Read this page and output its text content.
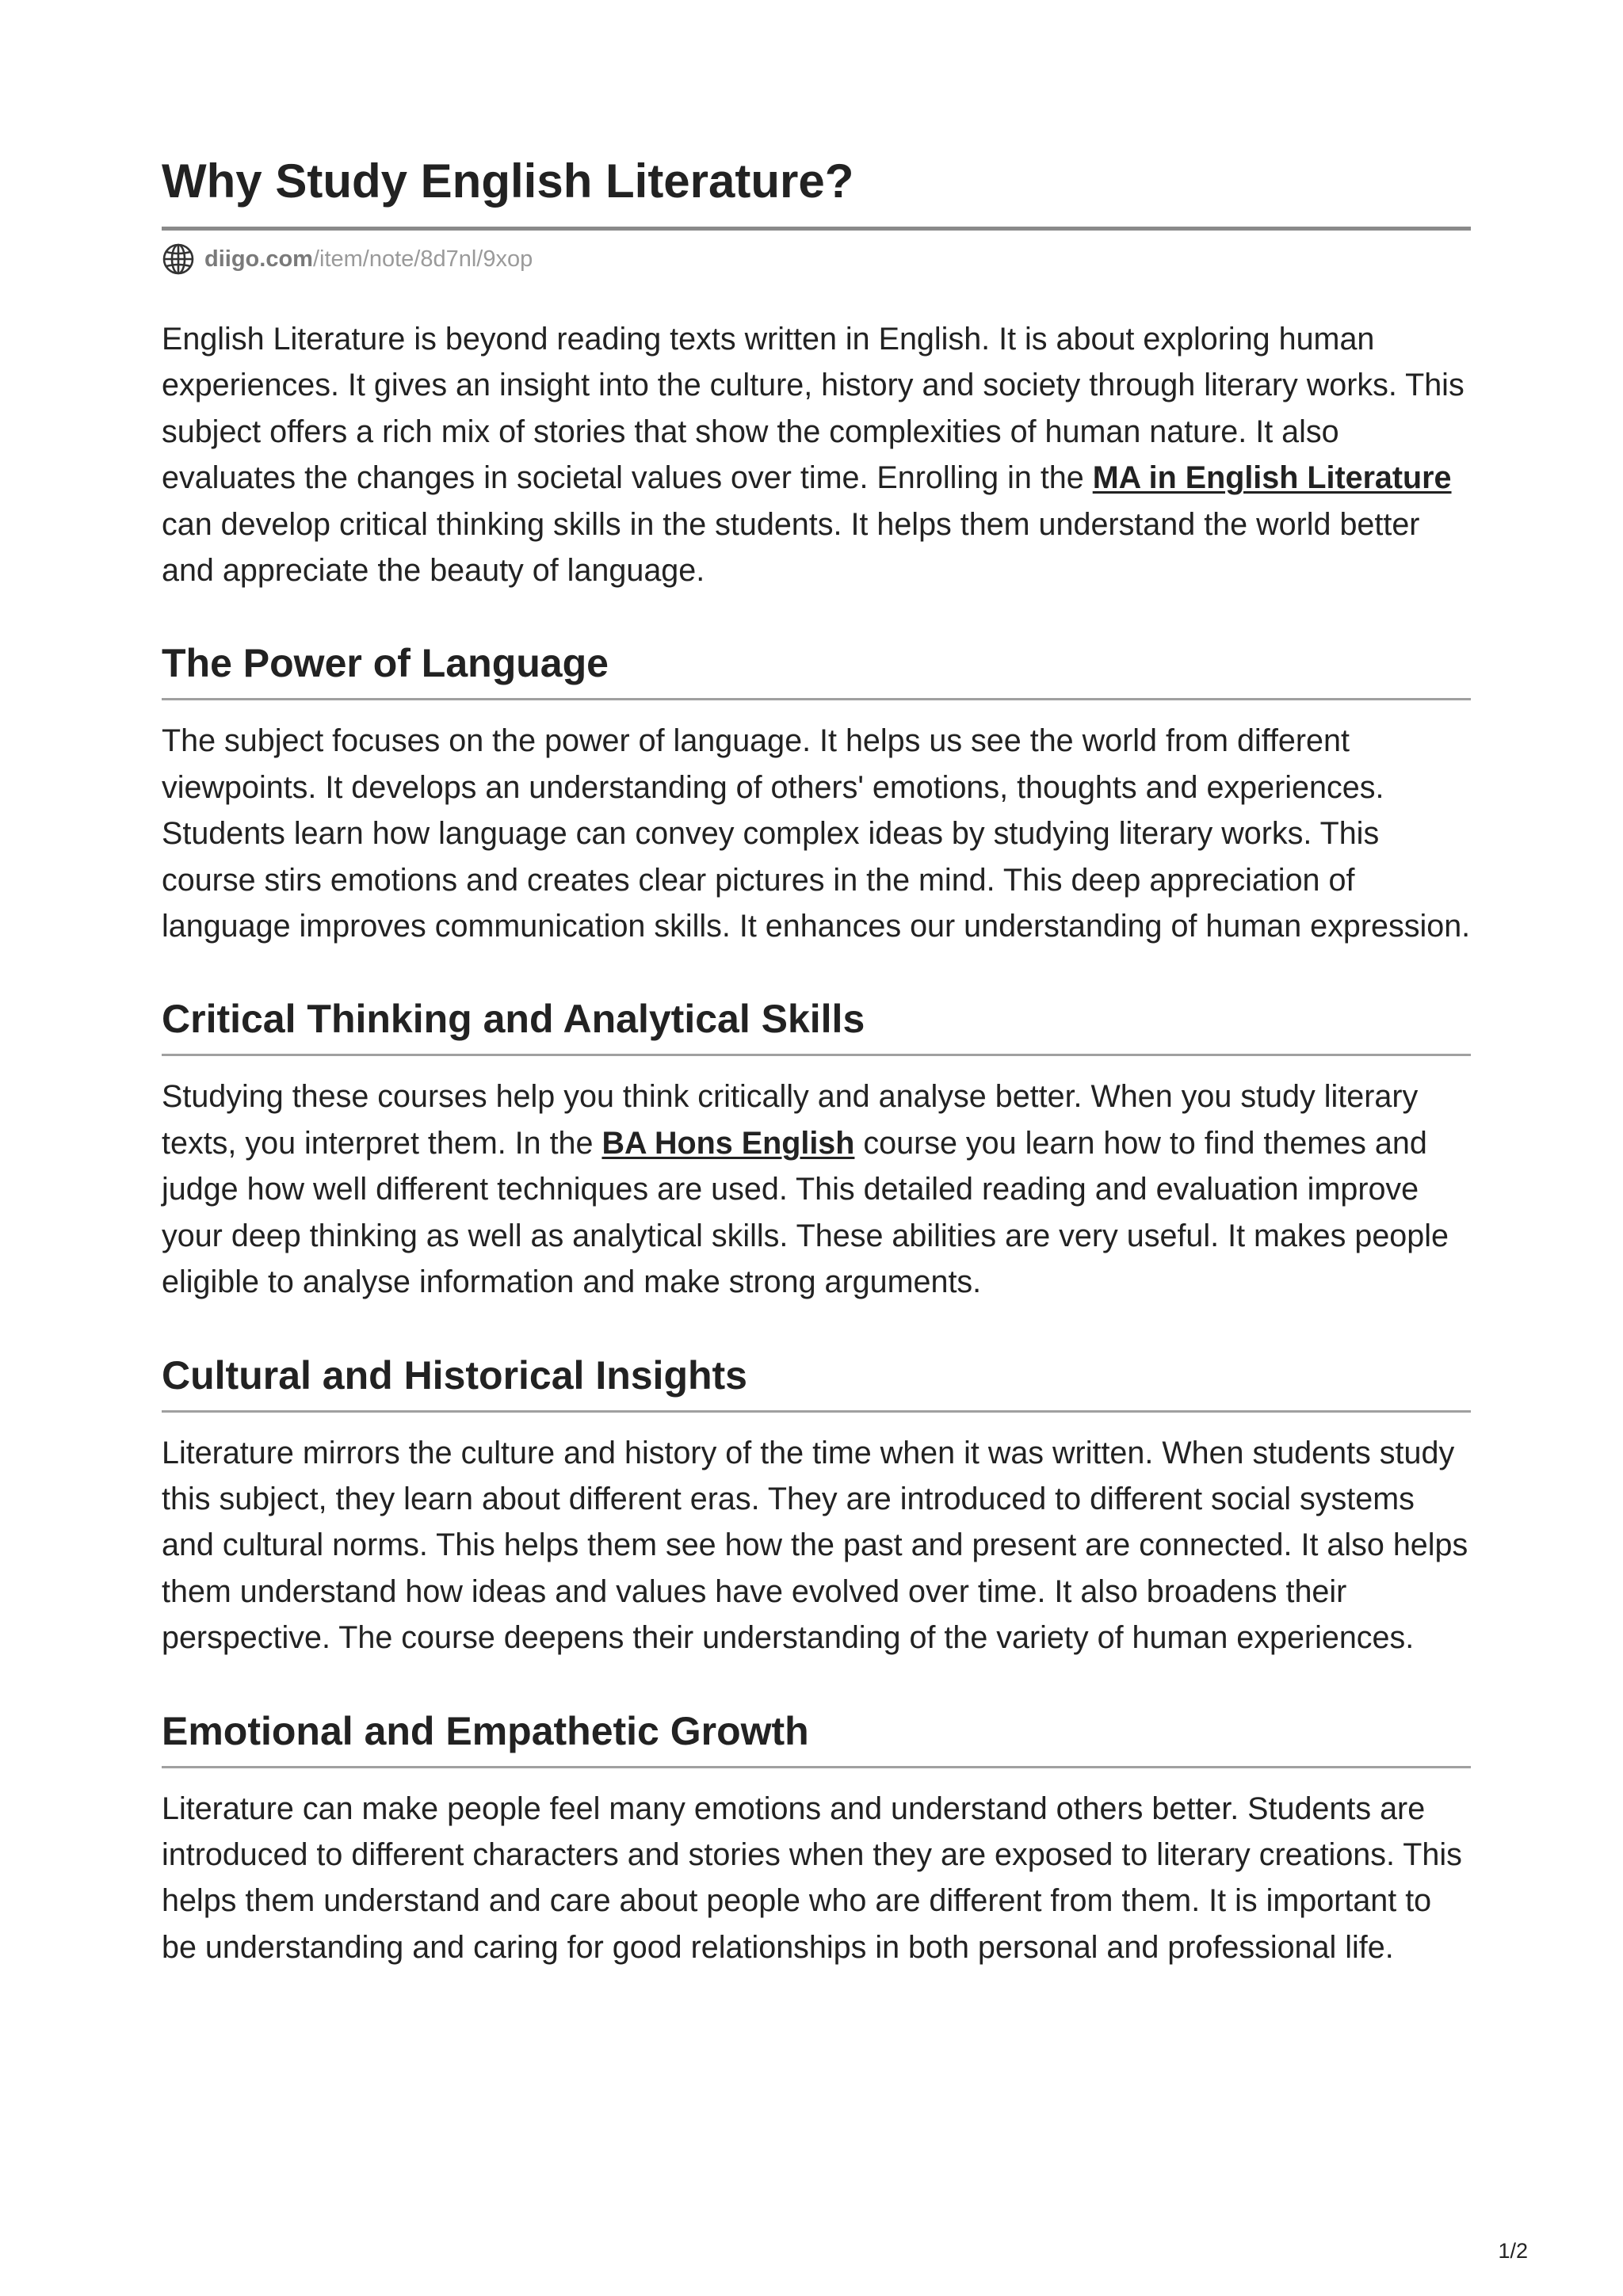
Why Study English Literature?
diigo.com /item/note/8d7nl/9xop

English Literature is beyond reading texts written in English. It is about exploring human experiences. It gives an insight into the culture, history and society through literary works. This subject offers a rich mix of stories that show the complexities of human nature. It also evaluates the changes in societal values over time. Enrolling in the MA in English Literature can develop critical thinking skills in the students. It helps them understand the world better and appreciate the beauty of language.

The Power of Language

The subject focuses on the power of language. It helps us see the world from different viewpoints. It develops an understanding of others' emotions, thoughts and experiences. Students learn how language can convey complex ideas by studying literary works. This course stirs emotions and creates clear pictures in the mind. This deep appreciation of language improves communication skills. It enhances our understanding of human expression.

Critical Thinking and Analytical Skills

Studying these courses help you think critically and analyse better. When you study literary texts, you interpret them. In the BA Hons English course you learn how to find themes and judge how well different techniques are used. This detailed reading and evaluation improve your deep thinking as well as analytical skills. These abilities are very useful. It makes people eligible to analyse information and make strong arguments.

Cultural and Historical Insights

Literature mirrors the culture and history of the time when it was written. When students study this subject, they learn about different eras. They are introduced to different social systems and cultural norms. This helps them see how the past and present are connected. It also helps them understand how ideas and values have evolved over time. It also broadens their perspective. The course deepens their understanding of the variety of human experiences.

Emotional and Empathetic Growth

Literature can make people feel many emotions and understand others better. Students are introduced to different characters and stories when they are exposed to literary creations. This helps them understand and care about people who are different from them. It is important to be understanding and caring for good relationships in both personal and professional life.

1/2
